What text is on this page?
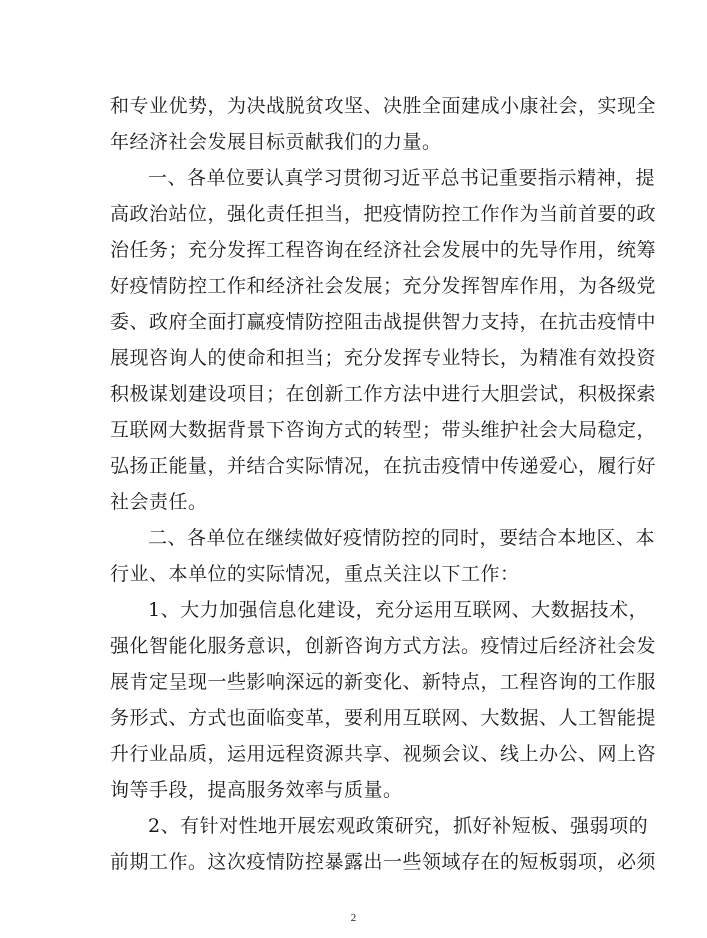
和专业优势，为决战脱贫攻坚、决胜全面建成小康社会，实现全
年经济社会发展目标贡献我们的力量。
一、各单位要认真学习贯彻习近平总书记重要指示精神，提
高政治站位，强化责任担当，把疫情防控工作作为当前首要的政
治任务；充分发挥工程咨询在经济社会发展中的先导作用，统筹
好疫情防控工作和经济社会发展；充分发挥智库作用，为各级党
委、政府全面打赢疫情防控阻击战提供智力支持，在抗击疫情中
展现咨询人的使命和担当；充分发挥专业特长，为精准有效投资
积极谋划建设项目；在创新工作方法中进行大胆尝试，积极探索
互联网大数据背景下咨询方式的转型；带头维护社会大局稳定，
弘扬正能量，并结合实际情况，在抗击疫情中传递爱心，履行好
社会责任。
二、各单位在继续做好疫情防控的同时，要结合本地区、本
行业、本单位的实际情况，重点关注以下工作：
1、大力加强信息化建设，充分运用互联网、大数据技术，
强化智能化服务意识，创新咨询方式方法。疫情过后经济社会发
展肯定呈现一些影响深远的新变化、新特点，工程咨询的工作服
务形式、方式也面临变革，要利用互联网、大数据、人工智能提
升行业品质，运用远程资源共享、视频会议、线上办公、网上咨
询等手段，提高服务效率与质量。
2、有针对性地开展宏观政策研究，抓好补短板、强弱项的
前期工作。这次疫情防控暴露出一些领域存在的短板弱项，必须
2
